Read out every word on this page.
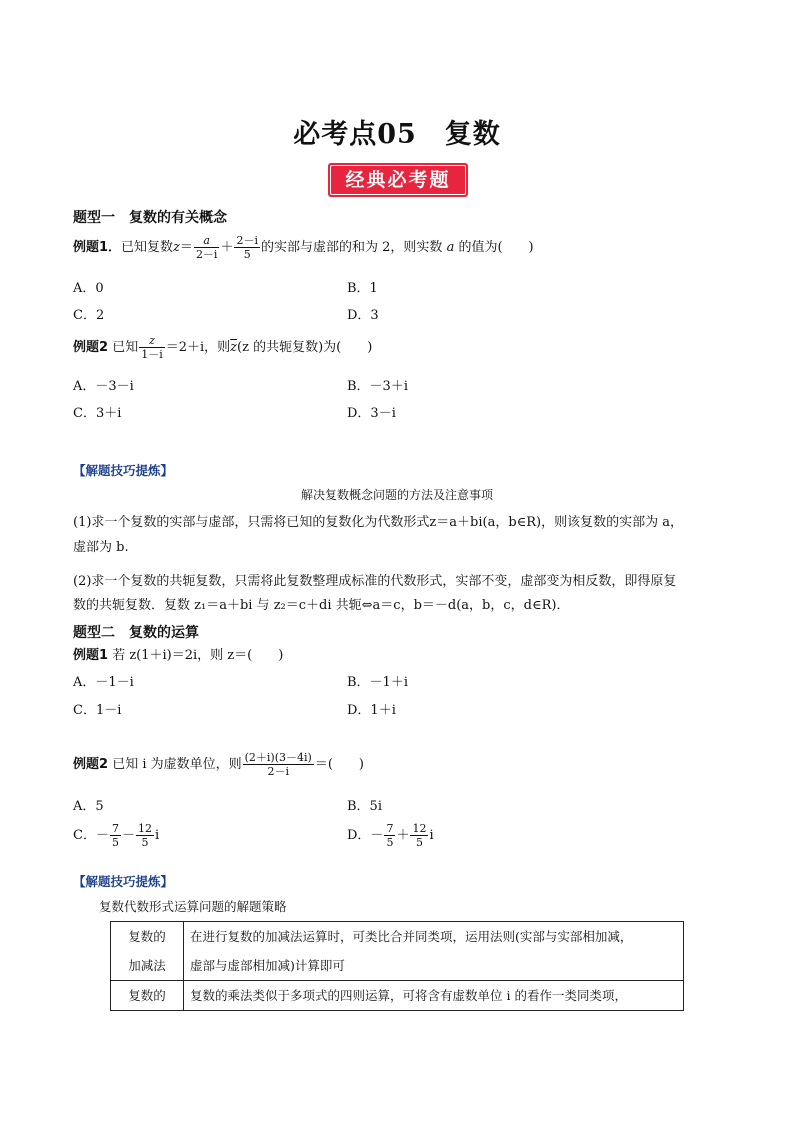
必考点05　复数
经典必考题
题型一　复数的有关概念
例题1．已知复数$z= \frac{a}{2-i} + \frac{2-i}{5}$ 的实部与虚部的和为 2，则实数 a 的值为(　　)
A．0	B．1
C．2	D．3
例题2 已知 $\frac{z}{1-i} =2+i$，则$\overline{z}(z$ 的共轭复数)为(　　)
A．－3－i	B．－3＋i
C．3＋i	D．3－i
【解题技巧提炼】
解决复数概念问题的方法及注意事项
(1)求一个复数的实部与虚部，只需将已知的复数化为代数形式z＝a＋bi(a，b∈R)，则该复数的实部为 a，
虚部为 b.
(2)求一个复数的共轭复数，只需将此复数整理成标准的代数形式，实部不变，虚部变为相反数，即得原复
数的共轭复数．复数 z₁＝a＋bi 与 z₂＝c＋di 共轭⇔a＝c，b＝－d(a，b，c，d∈R)．
题型二　复数的运算
例题1 若 z(1＋i)＝2i，则 z＝(　　)
A．－1－i	B．－1＋i
C．1－i	D．1＋i
例题2 已知 i 为虚数单位，则 $\frac{(2+i)(3-4i)}{2-i}$ ＝(　　)
A．5	B．5i
C．－ $\frac{7}{5} - \frac{12}{5}$ i	D．－ $\frac{7}{5} + \frac{12}{5}$ i
【解题技巧提炼】
复数代数形式运算问题的解题策略
复数的
加减法	在进行复数的加减法运算时，可类比合并同类项，运用法则(实部与实部相加减，
虚部与虚部相加减)计算即可
复数的	复数的乘法类似于多项式的四则运算，可将含有虚数单位 i 的看作一类同类项，
